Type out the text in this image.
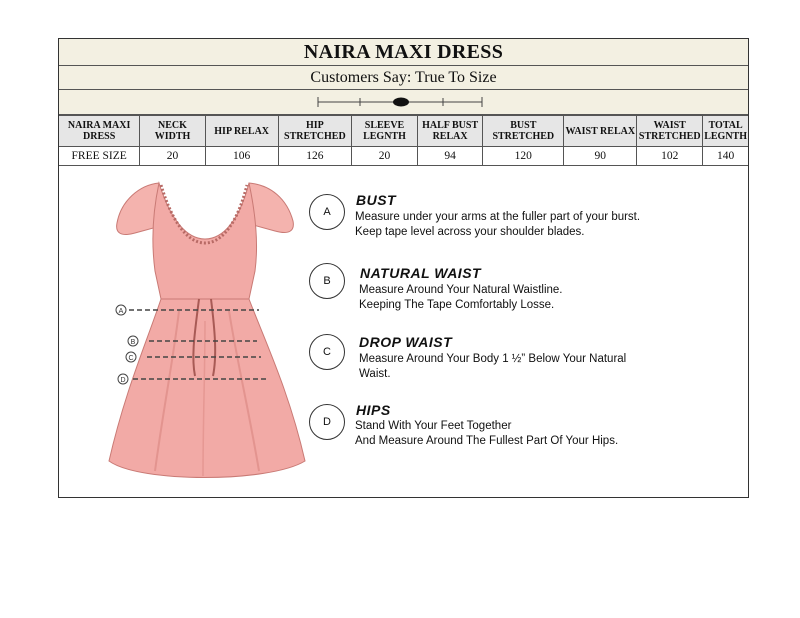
NAIRA MAXI DRESS
Customers Say: True To Size
NAIRA MAXI DRESS	NECK WIDTH	HIP RELAX	HIP STRETCHED	SLEEVE LEGNTH	HALF BUST RELAX	BUST STRETCHED	WAIST RELAX	WAIST STRETCHED	TOTAL LEGNTH
FREE SIZE	20	106	126	20	94	120	90	102	140
A
B
C
D
A
BUST
Measure under your arms at the fuller part of your burst.
Keep tape level across your shoulder blades.
B	NATURAL WAIST
Measure Around Your Natural Waistline.
Keeping The Tape Comfortably Losse.
C
DROP WAIST
Measure Around Your Body 1 ½” Below Your Natural
Waist.
D
HIPS
Stand With Your Feet Together
And Measure Around The Fullest Part Of Your Hips.
